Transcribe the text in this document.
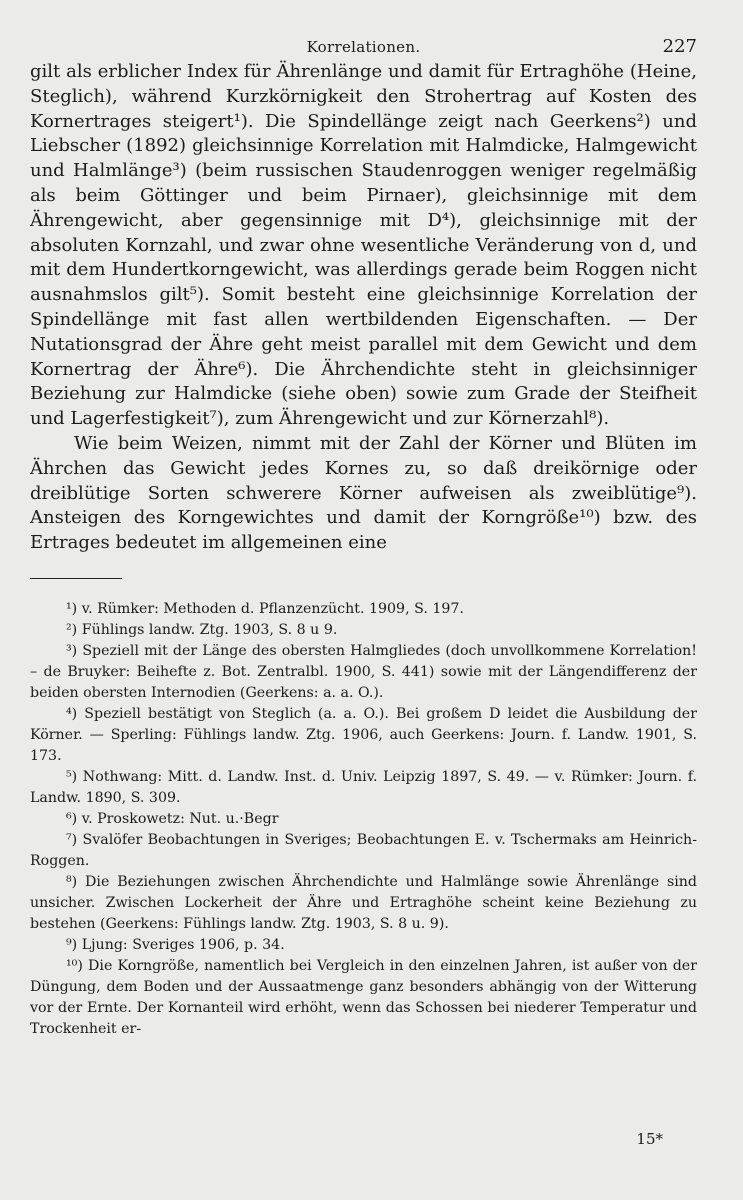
Korrelationen.	227

gilt als erblicher Index für Ährenlänge und damit für Ertraghöhe (Heine, Steglich), während Kurzkörnigkeit den Strohertrag auf Kosten des Kornertrages steigert¹). Die Spindellänge zeigt nach Geerkens²) und Liebscher (1892) gleichsinnige Korrelation mit Halmdicke, Halmgewicht und Halmlänge³) (beim russischen Staudenroggen weniger regelmäßig als beim Göttinger und beim Pirnaer), gleichsinnige mit dem Ährengewicht, aber gegensinnige mit D⁴), gleichsinnige mit der absoluten Kornzahl, und zwar ohne wesentliche Veränderung von d, und mit dem Hundertkorngewicht, was allerdings gerade beim Roggen nicht ausnahmslos gilt⁵). Somit besteht eine gleichsinnige Korrelation der Spindellänge mit fast allen wertbildenden Eigenschaften. — Der Nutationsgrad der Ähre geht meist parallel mit dem Gewicht und dem Kornertrag der Ähre⁶). Die Ährchendichte steht in gleichsinniger Beziehung zur Halmdicke (siehe oben) sowie zum Grade der Steifheit und Lagerfestigkeit⁷), zum Ährengewicht und zur Körnerzahl⁸).

Wie beim Weizen, nimmt mit der Zahl der Körner und Blüten im Ährchen das Gewicht jedes Kornes zu, so daß dreikörnige oder dreiblütige Sorten schwerere Körner aufweisen als zweiblütige⁹). Ansteigen des Korngewichtes und damit der Korngröße¹⁰) bzw. des Ertrages bedeutet im allgemeinen eine

¹) v. Rümker: Methoden d. Pflanzenzücht. 1909, S. 197.

²) Fühlings landw. Ztg. 1903, S. 8 u 9.

³) Speziell mit der Länge des obersten Halmgliedes (doch unvollkommene Korrelation! – de Bruyker: Beihefte z. Bot. Zentralbl. 1900, S. 441) sowie mit der Längendifferenz der beiden obersten Internodien (Geerkens: a. a. O.).

⁴) Speziell bestätigt von Steglich (a. a. O.). Bei großem D leidet die Ausbildung der Körner. — Sperling: Fühlings landw. Ztg. 1906, auch Geerkens: Journ. f. Landw. 1901, S. 173.

⁵) Nothwang: Mitt. d. Landw. Inst. d. Univ. Leipzig 1897, S. 49. — v. Rümker: Journ. f. Landw. 1890, S. 309.

⁶) v. Proskowetz: Nut. u.·Begr

⁷) Svalöfer Beobachtungen in Sveriges; Beobachtungen E. v. Tschermaks am Heinrich-Roggen.

⁸) Die Beziehungen zwischen Ährchendichte und Halmlänge sowie Ährenlänge sind unsicher. Zwischen Lockerheit der Ähre und Ertraghöhe scheint keine Beziehung zu bestehen (Geerkens: Fühlings landw. Ztg. 1903, S. 8 u. 9).

⁹) Ljung: Sveriges 1906, p. 34.

¹⁰) Die Korngröße, namentlich bei Vergleich in den einzelnen Jahren, ist außer von der Düngung, dem Boden und der Aussaatmenge ganz besonders abhängig von der Witterung vor der Ernte. Der Kornanteil wird erhöht, wenn das Schossen bei niederer Temperatur und Trockenheit er-

15*
